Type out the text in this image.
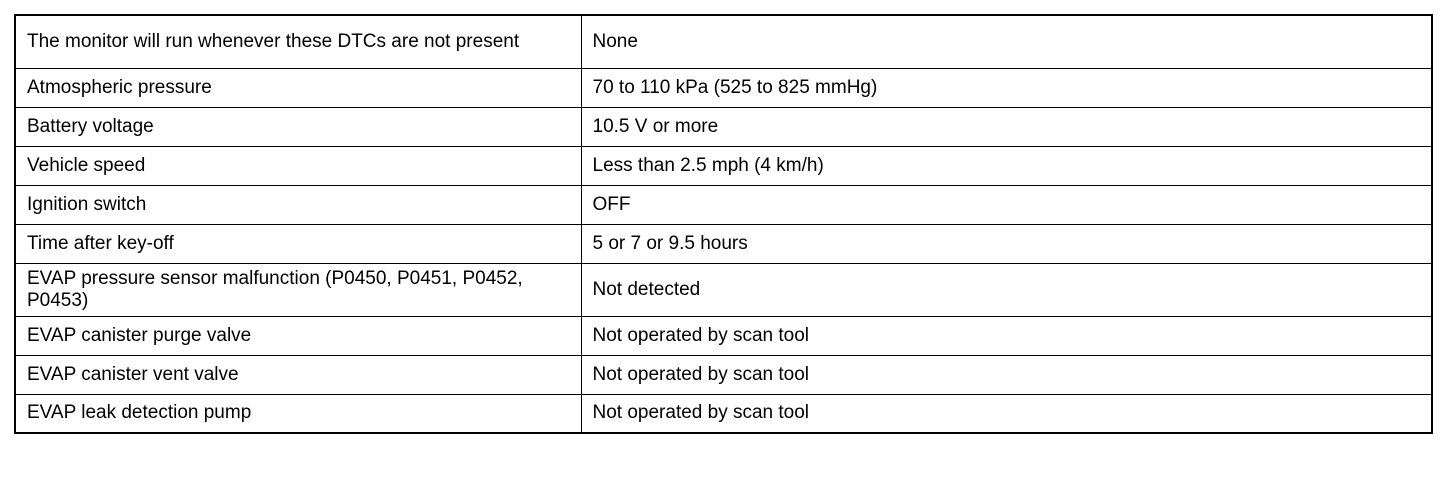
The monitor will run whenever these DTCs are not present	None
Atmospheric pressure	70 to 110 kPa (525 to 825 mmHg)
Battery voltage	10.5 V or more
Vehicle speed	Less than 2.5 mph (4 km/h)
Ignition switch	OFF
Time after key-off	5 or 7 or 9.5 hours
EVAP pressure sensor malfunction (P0450, P0451, P0452, P0453)	Not detected
EVAP canister purge valve	Not operated by scan tool
EVAP canister vent valve	Not operated by scan tool
EVAP leak detection pump	Not operated by scan tool
